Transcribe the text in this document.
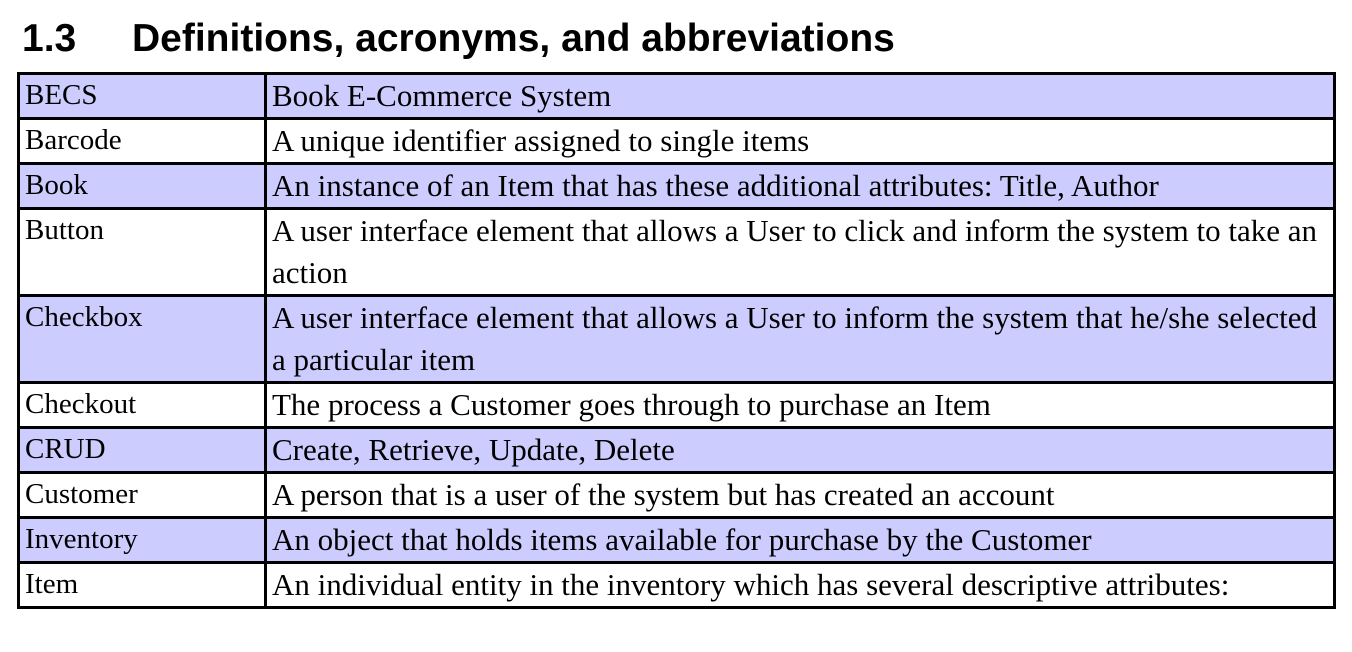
1.3	Definitions, acronyms, and abbreviations
BECS	Book E-Commerce System
Barcode	A unique identifier assigned to single items
Book	An instance of an Item that has these additional attributes: Title, Author
Button	A user interface element that allows a User to click and inform the system to take an action
Checkbox	A user interface element that allows a User to inform the system that he/she selected a particular item
Checkout	The process a Customer goes through to purchase an Item
CRUD	Create, Retrieve, Update, Delete
Customer	A person that is a user of the system but has created an account
Inventory	An object that holds items available for purchase by the Customer
Item	An individual entity in the inventory which has several descriptive attributes:
